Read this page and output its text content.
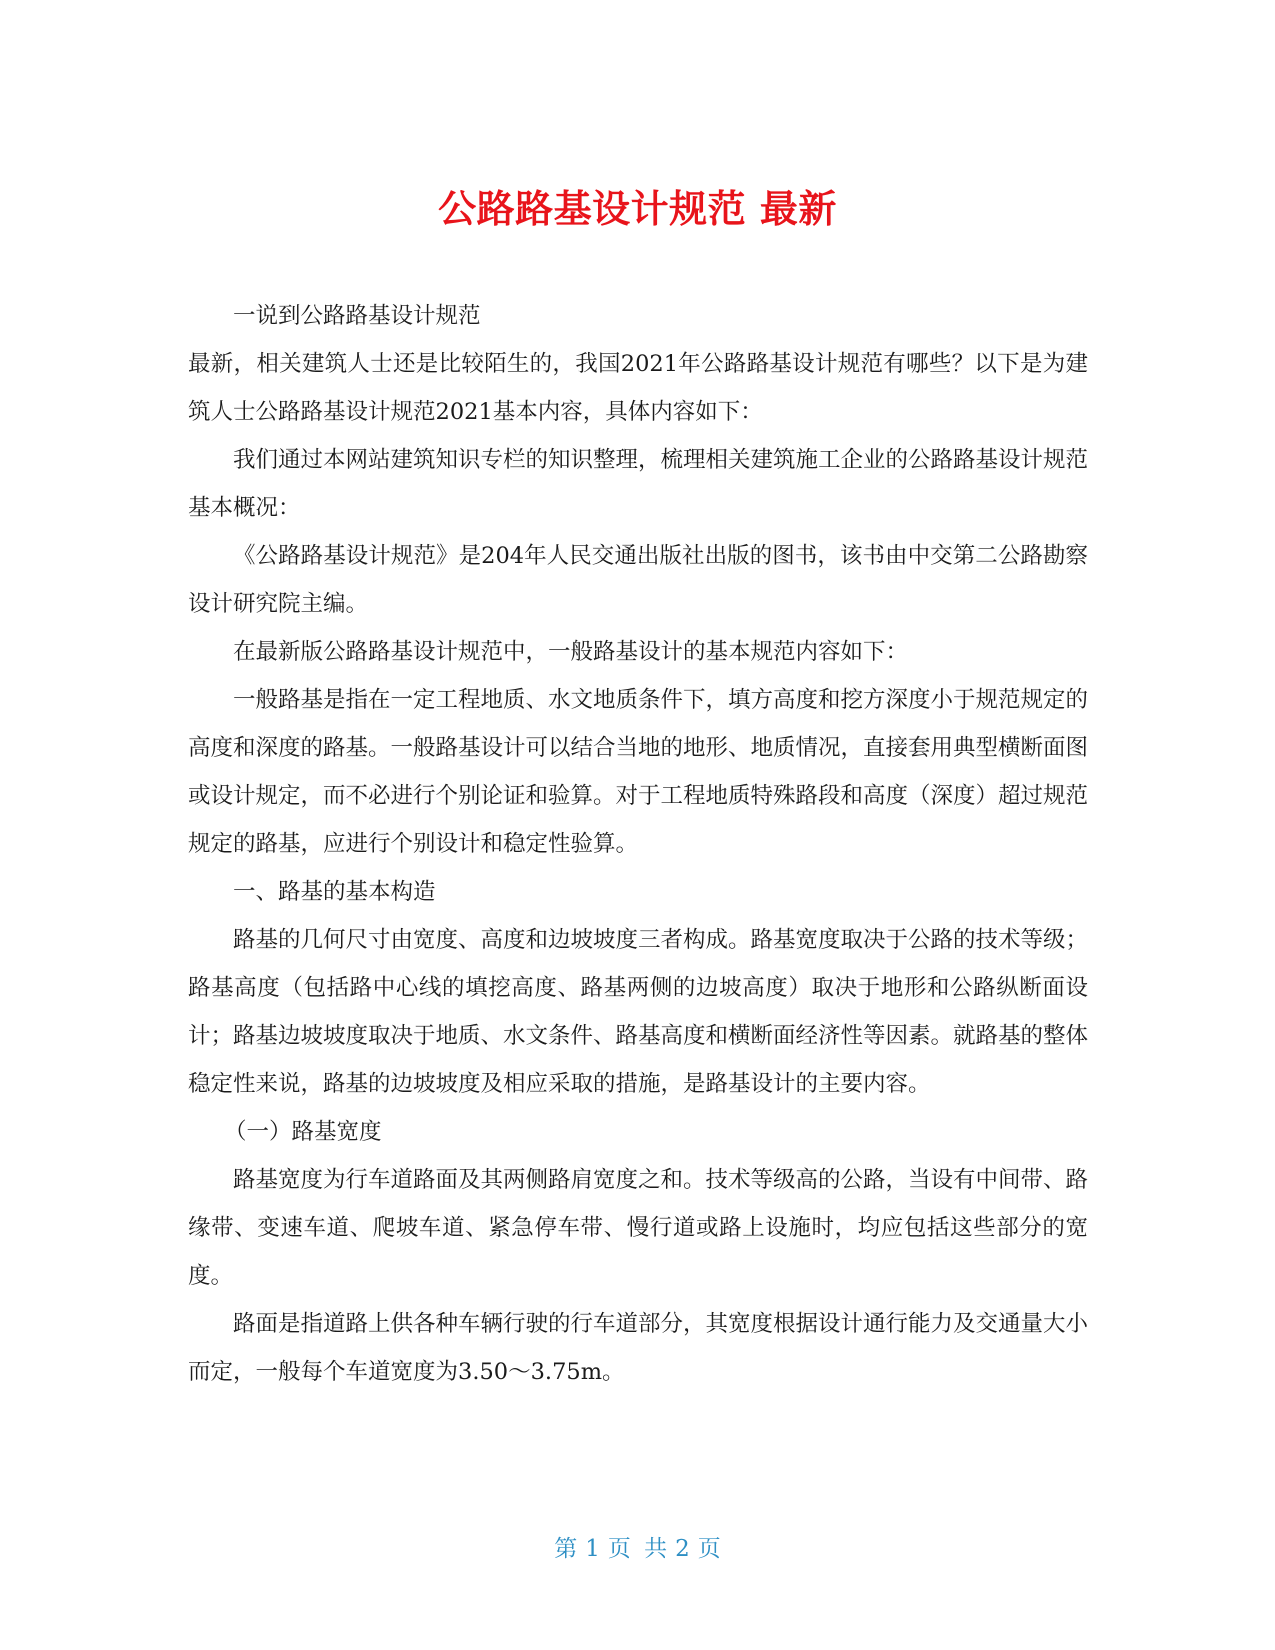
公路路基设计规范 最新

一说到公路路基设计规范

最新，相关建筑人士还是比较陌生的，我国2021年公路路基设计规范有哪些？以下是为建筑人士公路路基设计规范2021基本内容，具体内容如下：

我们通过本网站建筑知识专栏的知识整理，梳理相关建筑施工企业的公路路基设计规范基本概况：

《公路路基设计规范》是204年人民交通出版社出版的图书，该书由中交第二公路勘察设计研究院主编。

在最新版公路路基设计规范中，一般路基设计的基本规范内容如下：

一般路基是指在一定工程地质、水文地质条件下，填方高度和挖方深度小于规范规定的高度和深度的路基。一般路基设计可以结合当地的地形、地质情况，直接套用典型横断面图或设计规定，而不必进行个别论证和验算。对于工程地质特殊路段和高度（深度）超过规范规定的路基，应进行个别设计和稳定性验算。

一、路基的基本构造

路基的几何尺寸由宽度、高度和边坡坡度三者构成。路基宽度取决于公路的技术等级；路基高度（包括路中心线的填挖高度、路基两侧的边坡高度）取决于地形和公路纵断面设计；路基边坡坡度取决于地质、水文条件、路基高度和横断面经济性等因素。就路基的整体稳定性来说，路基的边坡坡度及相应采取的措施，是路基设计的主要内容。

（一）路基宽度

路基宽度为行车道路面及其两侧路肩宽度之和。技术等级高的公路，当设有中间带、路缘带、变速车道、爬坡车道、紧急停车带、慢行道或路上设施时，均应包括这些部分的宽度。

路面是指道路上供各种车辆行驶的行车道部分，其宽度根据设计通行能力及交通量大小而定，一般每个车道宽度为3.50～3.75m。

第 1 页 共 2 页
